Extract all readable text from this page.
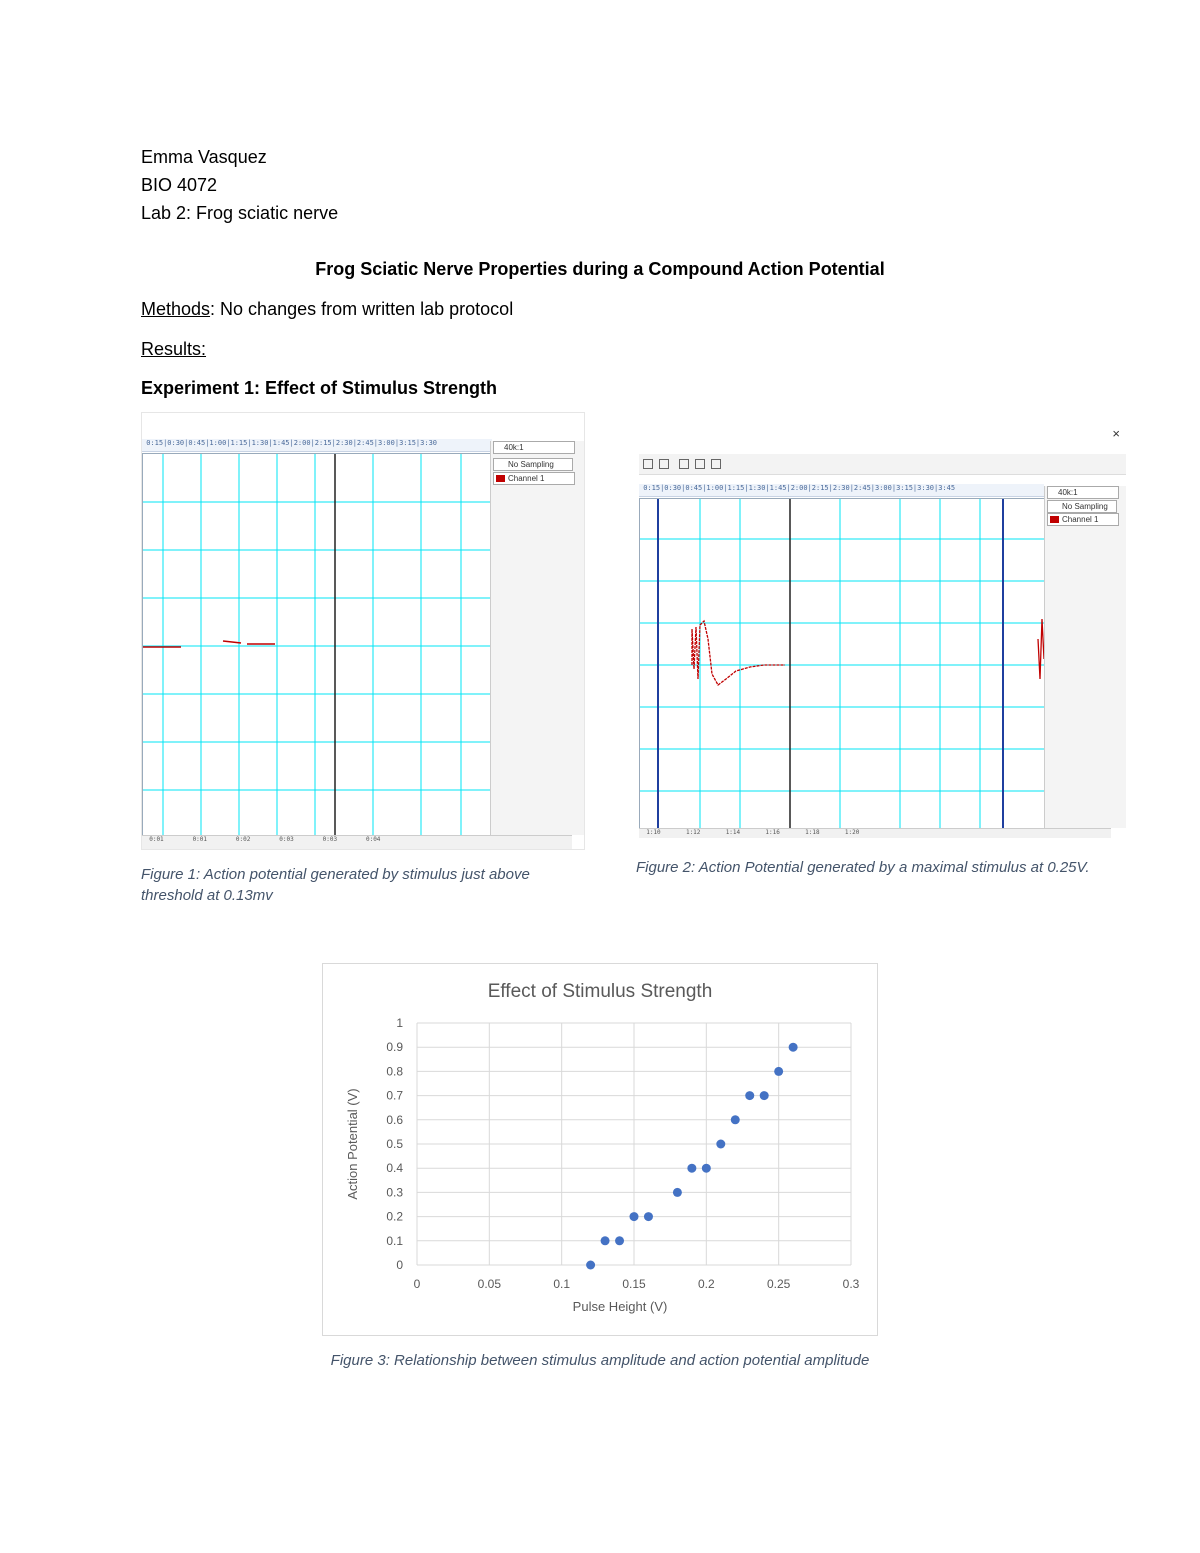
Emma Vasquez
BIO 4072
Lab 2: Frog sciatic nerve
Frog Sciatic Nerve Properties during a Compound Action Potential
Methods: No changes from written lab protocol
Results:
Experiment 1: Effect of Stimulus Strength
0:15|0:30|0:45|1:00|1:15|1:30|1:45|2:00|2:15|2:30|2:45|3:00|3:15|3:30	40k:1
No Sampling
Channel 1
0:01        0:01        0:02        0:03        0:03        0:04
Figure 1: Action potential generated by stimulus just above threshold at 0.13mv
×
0:15|0:30|0:45|1:00|1:15|1:30|1:45|2:00|2:15|2:30|2:45|3:00|3:15|3:30|3:45	40k:1
No Sampling
Channel 1
1:10       1:12       1:14       1:16       1:18       1:20
Figure 2: Action Potential generated by a maximal stimulus at 0.25V.
Effect of Stimulus Strength
0
0.1
0.2
0.3
0.4
0.5
0.6
0.7
0.8
0.9
1
0	0.05	0.1	0.15	0.2	0.25	0.3
Pulse Height (V)
Action Potential (V)
Figure 3: Relationship between stimulus amplitude and action potential amplitude
